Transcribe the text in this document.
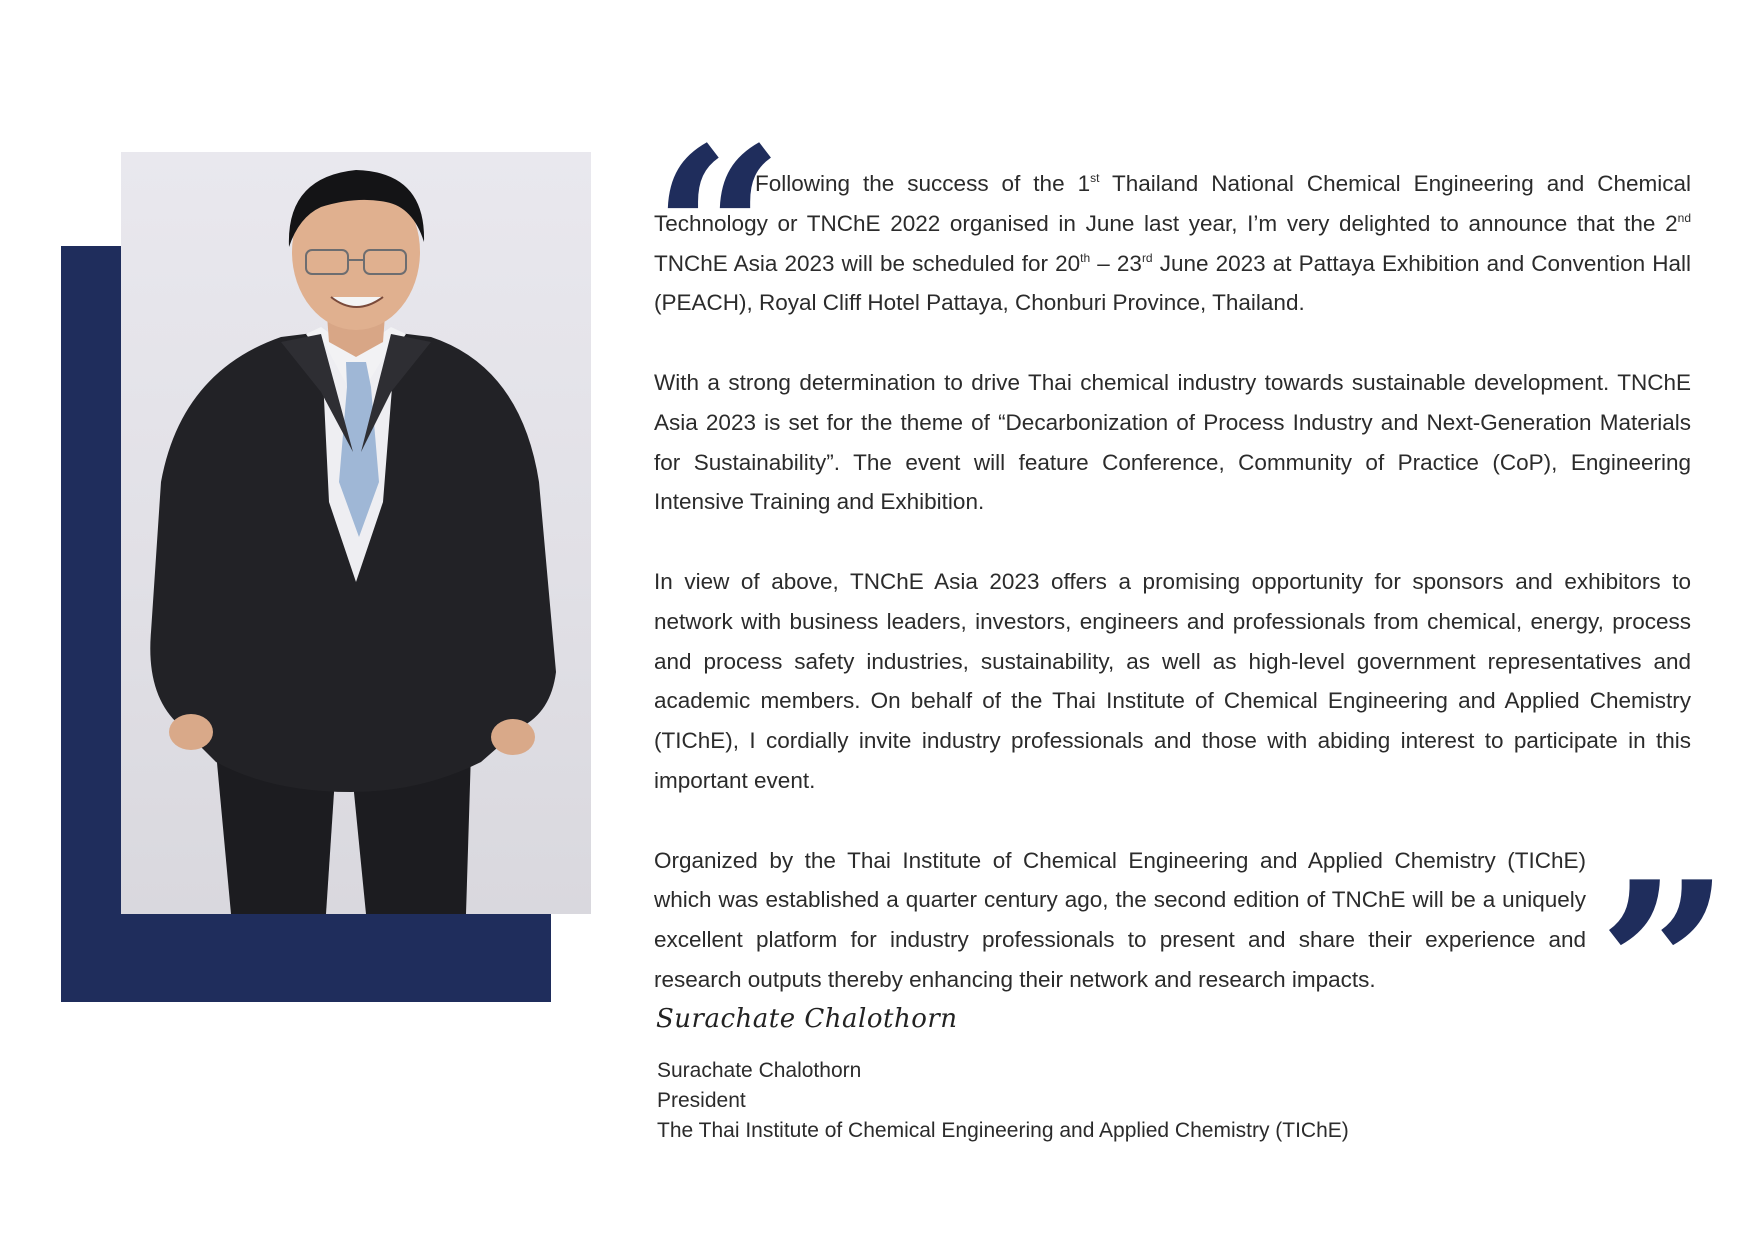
“

Following the success of the 1st Thailand National Chemical Engineering and Chemical Technology or TNChE 2022 organised in June last year, I’m very delighted to announce that the 2nd TNChE Asia 2023 will be scheduled for 20th – 23rd June 2023 at Pattaya Exhibition and Convention Hall (PEACH), Royal Cliff Hotel Pattaya, Chonburi Province, Thailand.

With a strong determination to drive Thai chemical industry towards sustainable development. TNChE Asia 2023 is set for the theme of “Decarbonization of Process Industry and Next-Generation Materials for Sustainability”. The event will feature Conference, Community of Practice (CoP), Engineering Intensive Training and Exhibition.

In view of above, TNChE Asia 2023 offers a promising opportunity for sponsors and exhibitors to network with business leaders, investors, engineers and professionals from chemical, energy, process and process safety industries, sustainability, as well as high-level government representatives and academic members. On behalf of the Thai Institute of Chemical Engineering and Applied Chemistry (TIChE), I cordially invite industry professionals and those with abiding interest to participate in this important event.

Organized by the Thai Institute of Chemical Engineering and Applied Chemistry (TIChE) which was established a quarter century ago, the second edition of TNChE will be a uniquely excellent platform for industry professionals to present and share their experience and research outputs thereby enhancing their network and research impacts. ”
Surachate Chalothorn
Surachate Chalothorn
President
The Thai Institute of Chemical Engineering and Applied Chemistry (TIChE)
